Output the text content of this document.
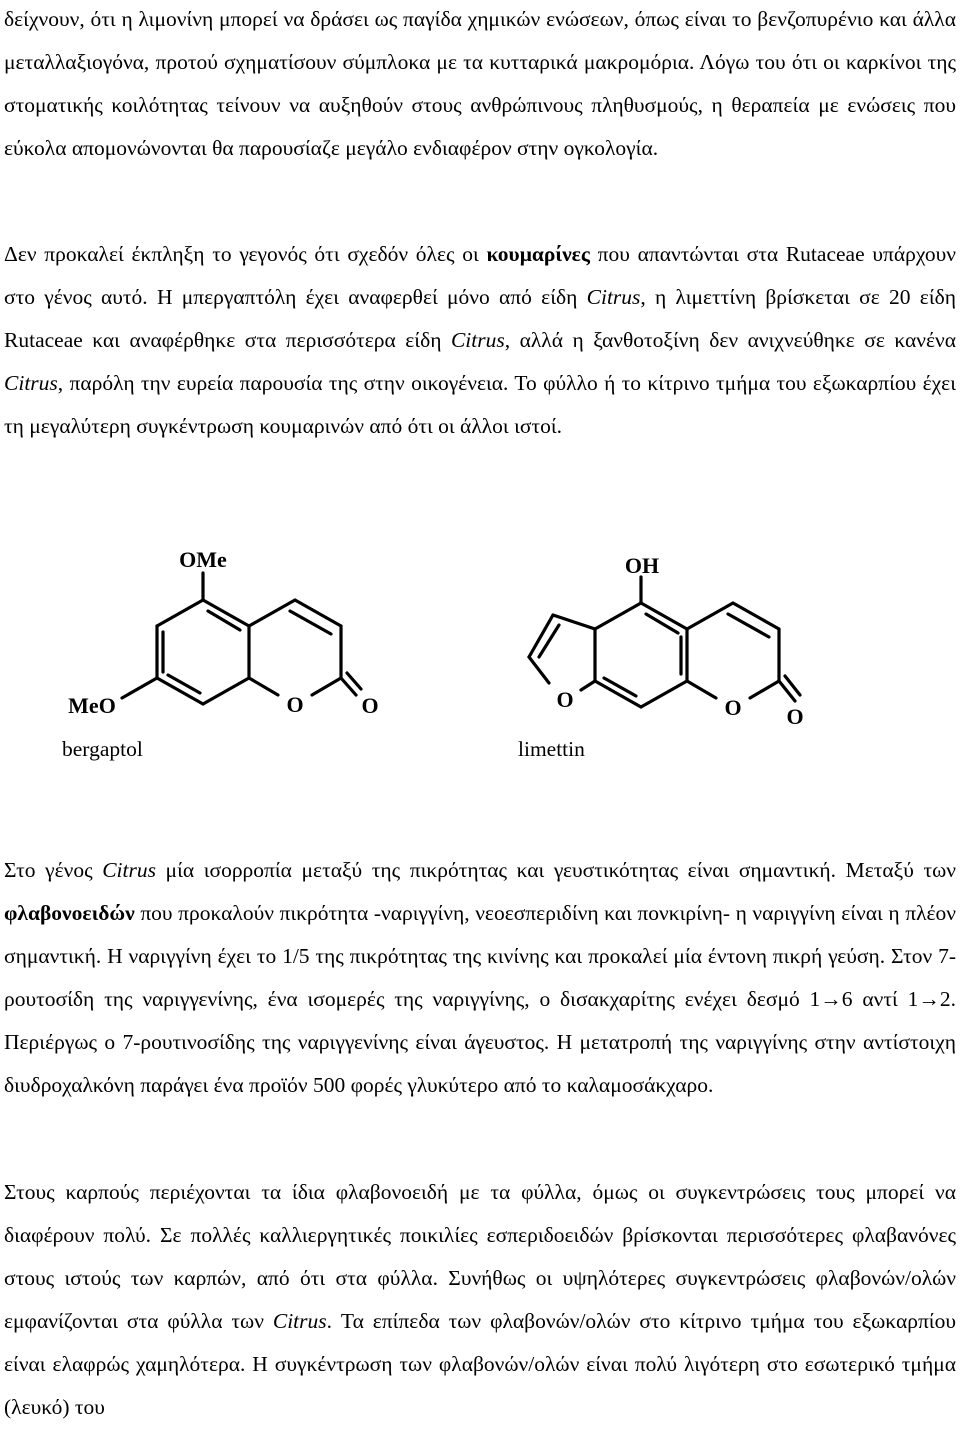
δείχνουν, ότι η λιμονίνη μπορεί να δράσει ως παγίδα χημικών ενώσεων, όπως είναι το βενζοπυρένιο και άλλα μεταλλαξιογόνα, προτού σχηματίσουν σύμπλοκα με τα κυτταρικά μακρομόρια. Λόγω του ότι οι καρκίνοι της στοματικής κοιλότητας τείνουν να αυξηθούν στους ανθρώπινους πληθυσμούς, η θεραπεία με ενώσεις που εύκολα απομονώνονται θα παρουσίαζε μεγάλο ενδιαφέρον στην ογκολογία.

Δεν προκαλεί έκπληξη το γεγονός ότι σχεδόν όλες οι κουμαρίνες που απαντώνται στα Rutaceae υπάρχουν στο γένος αυτό. Η μπεργαπτόλη έχει αναφερθεί μόνο από είδη Citrus, η λιμεττίνη βρίσκεται σε 20 είδη Rutaceae και αναφέρθηκε στα περισσότερα είδη Citrus, αλλά η ξανθοτοξίνη δεν ανιχνεύθηκε σε κανένα Citrus, παρόλη την ευρεία παρουσία της στην οικογένεια. Το φύλλο ή το κίτρινο τμήμα του εξωκαρπίου έχει τη μεγαλύτερη συγκέντρωση κουμαρινών από ότι οι άλλοι ιστοί.

OMe
MeO	O	O
OH
O	O O
bergaptol	limettin

Στο γένος Citrus μία ισορροπία μεταξύ της πικρότητας και γευστικότητας είναι σημαντική. Μεταξύ των φλαβονοειδών που προκαλούν πικρότητα -ναριγγίνη, νεοεσπεριδίνη και πονκιρίνη- η ναριγγίνη είναι η πλέον σημαντική. Η ναριγγίνη έχει το 1/5 της πικρότητας της κινίνης και προκαλεί μία έντονη πικρή γεύση. Στον 7-ρουτοσίδη της ναριγγενίνης, ένα ισομερές της ναριγγίνης, ο δισακχαρίτης ενέχει δεσμό 1→6 αντί 1→2. Περιέργως ο 7-ρουτινοσίδης της ναριγγενίνης είναι άγευστος. Η μετατροπή της ναριγγίνης στην αντίστοιχη διυδροχαλκόνη παράγει ένα προϊόν 500 φορές γλυκύτερο από το καλαμοσάκχαρο.

Στους καρπούς περιέχονται τα ίδια φλαβονοειδή με τα φύλλα, όμως οι συγκεντρώσεις τους μπορεί να διαφέρουν πολύ. Σε πολλές καλλιεργητικές ποικιλίες εσπεριδοειδών βρίσκονται περισσότερες φλαβανόνες στους ιστούς των καρπών, από ότι στα φύλλα. Συνήθως οι υψηλότερες συγκεντρώσεις φλαβονών/ολών εμφανίζονται στα φύλλα των Citrus. Τα επίπεδα των φλαβονών/ολών στο κίτρινο τμήμα του εξωκαρπίου είναι ελαφρώς χαμηλότερα. Η συγκέντρωση των φλαβονών/ολών είναι πολύ λιγότερη στο εσωτερικό τμήμα (λευκό) του
